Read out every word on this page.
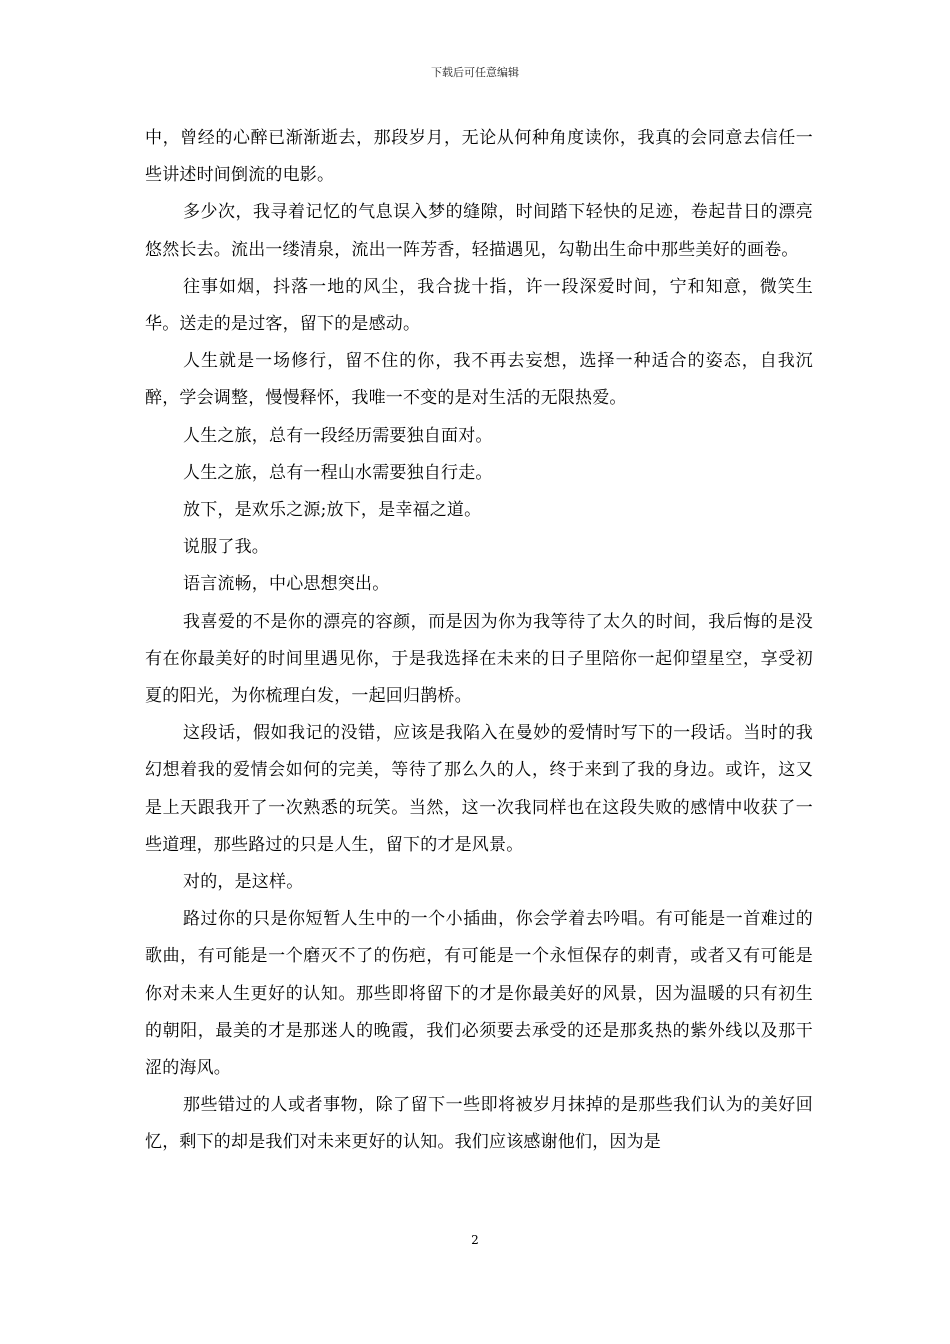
下载后可任意编辑

中，曾经的心醉已渐渐逝去，那段岁月，无论从何种角度读你，我真的会同意去信任一些讲述时间倒流的电影。

多少次，我寻着记忆的气息误入梦的缝隙，时间踏下轻快的足迹，卷起昔日的漂亮悠然长去。流出一缕清泉，流出一阵芳香，轻描遇见，勾勒出生命中那些美好的画卷。

往事如烟，抖落一地的风尘，我合拢十指，许一段深爱时间，宁和知意，微笑生华。送走的是过客，留下的是感动。

人生就是一场修行，留不住的你，我不再去妄想，选择一种适合的姿态，自我沉醉，学会调整，慢慢释怀，我唯一不变的是对生活的无限热爱。

人生之旅，总有一段经历需要独自面对。

人生之旅，总有一程山水需要独自行走。

放下，是欢乐之源;放下，是幸福之道。

说服了我。

语言流畅，中心思想突出。

我喜爱的不是你的漂亮的容颜，而是因为你为我等待了太久的时间，我后悔的是没有在你最美好的时间里遇见你，于是我选择在未来的日子里陪你一起仰望星空，享受初夏的阳光，为你梳理白发，一起回归鹊桥。

这段话，假如我记的没错，应该是我陷入在曼妙的爱情时写下的一段话。当时的我幻想着我的爱情会如何的完美，等待了那么久的人，终于来到了我的身边。或许，这又是上天跟我开了一次熟悉的玩笑。当然，这一次我同样也在这段失败的感情中收获了一些道理，那些路过的只是人生，留下的才是风景。

对的，是这样。

路过你的只是你短暂人生中的一个小插曲，你会学着去吟唱。有可能是一首难过的歌曲，有可能是一个磨灭不了的伤疤，有可能是一个永恒保存的刺青，或者又有可能是你对未来人生更好的认知。那些即将留下的才是你最美好的风景，因为温暖的只有初生的朝阳，最美的才是那迷人的晚霞，我们必须要去承受的还是那炙热的紫外线以及那干涩的海风。

那些错过的人或者事物，除了留下一些即将被岁月抹掉的是那些我们认为的美好回忆，剩下的却是我们对未来更好的认知。我们应该感谢他们，因为是

2
